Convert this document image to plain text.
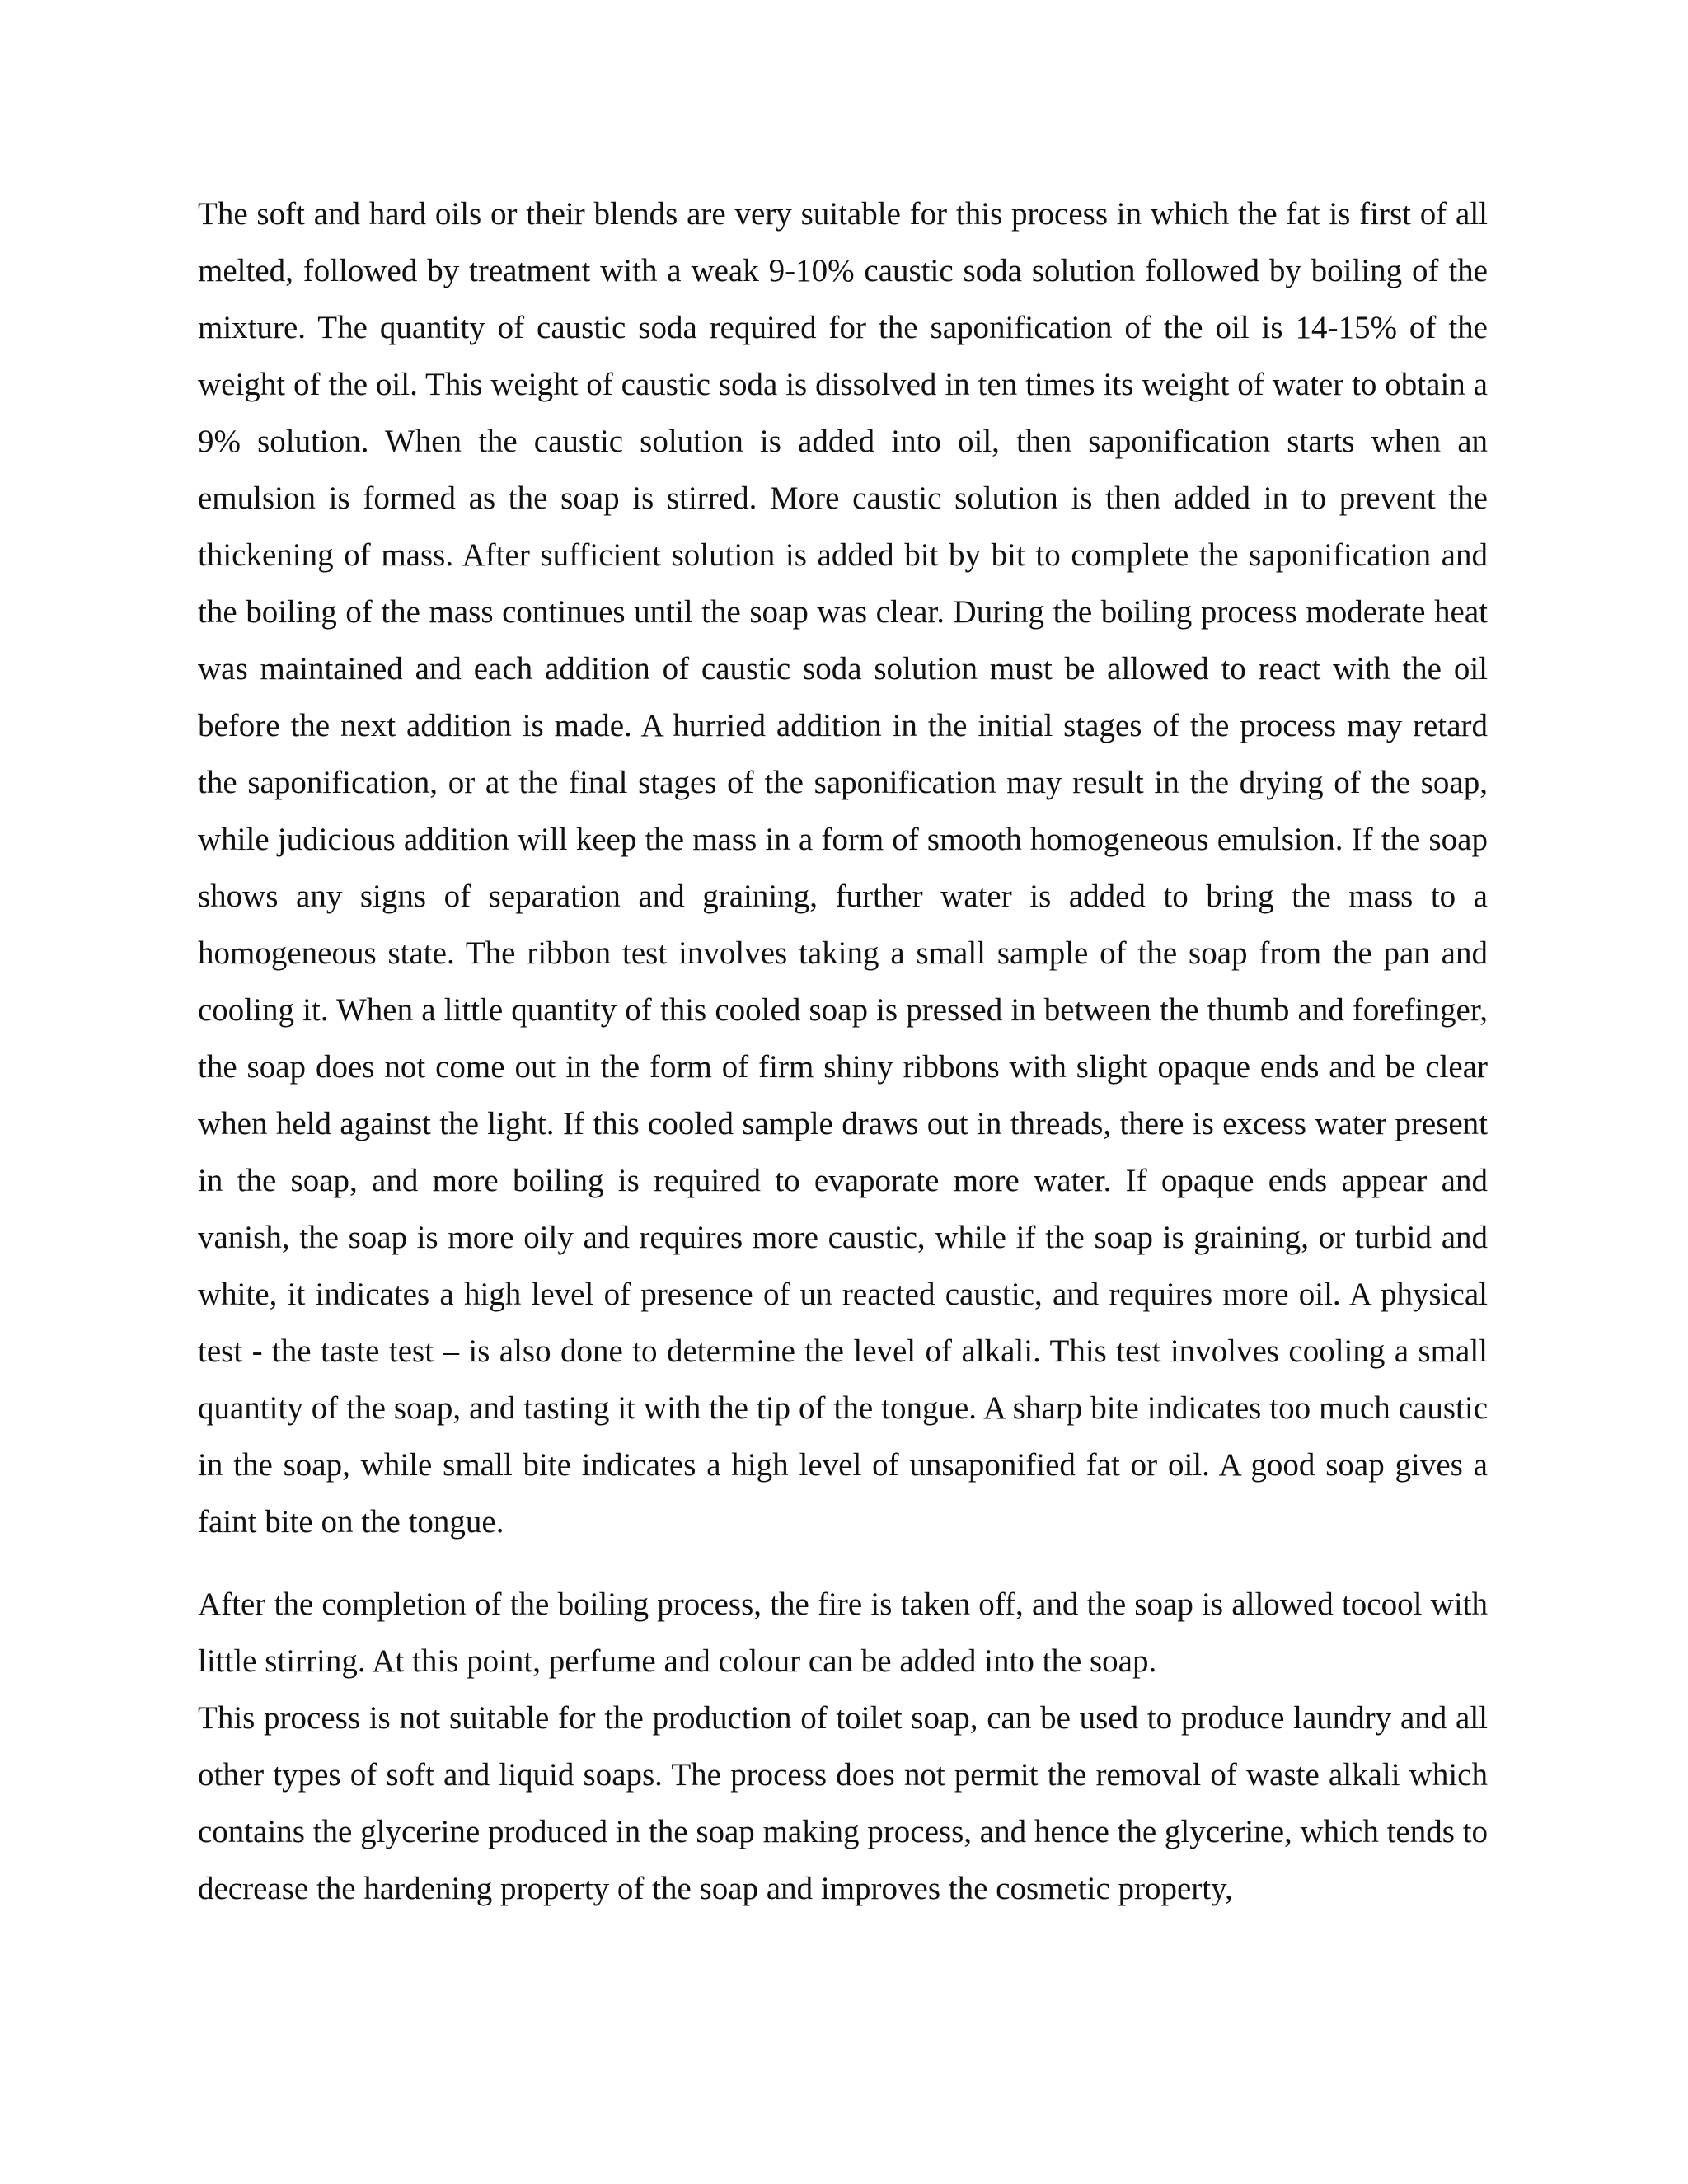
The soft and hard oils or their blends are very suitable for this process in which the fat is first of all melted, followed by treatment with a weak 9-10% caustic soda solution followed by boiling of the mixture. The quantity of caustic soda required for the saponification of the oil is 14-15% of the weight of the oil. This weight of caustic soda is dissolved in ten times its weight of water to obtain a 9% solution. When the caustic solution is added into oil, then saponification starts when an emulsion is formed as the soap is stirred. More caustic solution is then added in to prevent the thickening of mass. After sufficient solution is added bit by bit to complete the saponification and the boiling of the mass continues until the soap was clear. During the boiling process moderate heat was maintained and each addition of caustic soda solution must be allowed to react with the oil before the next addition is made. A hurried addition in the initial stages of the process may retard the saponification, or at the final stages of the saponification may result in the drying of the soap, while judicious addition will keep the mass in a form of smooth homogeneous emulsion. If the soap shows any signs of separation and graining, further water is added to bring the mass to a homogeneous state. The ribbon test involves taking a small sample of the soap from the pan and cooling it. When a little quantity of this cooled soap is pressed in between the thumb and forefinger, the soap does not come out in the form of firm shiny ribbons with slight opaque ends and be clear when held against the light. If this cooled sample draws out in threads, there is excess water present in the soap, and more boiling is required to evaporate more water. If opaque ends appear and vanish, the soap is more oily and requires more caustic, while if the soap is graining, or turbid and white, it indicates a high level of presence of un reacted caustic, and requires more oil. A physical test - the taste test – is also done to determine the level of alkali. This test involves cooling a small quantity of the soap, and tasting it with the tip of the tongue. A sharp bite indicates too much caustic in the soap, while small bite indicates a high level of unsaponified fat or oil. A good soap gives a faint bite on the tongue.

After the completion of the boiling process, the fire is taken off, and the soap is allowed tocool with little stirring. At this point, perfume and colour can be added into the soap.

This process is not suitable for the production of toilet soap, can be used to produce laundry and all other types of soft and liquid soaps. The process does not permit the removal of waste alkali which contains the glycerine produced in the soap making process, and hence the glycerine, which tends to decrease the hardening property of the soap and improves the cosmetic property,
